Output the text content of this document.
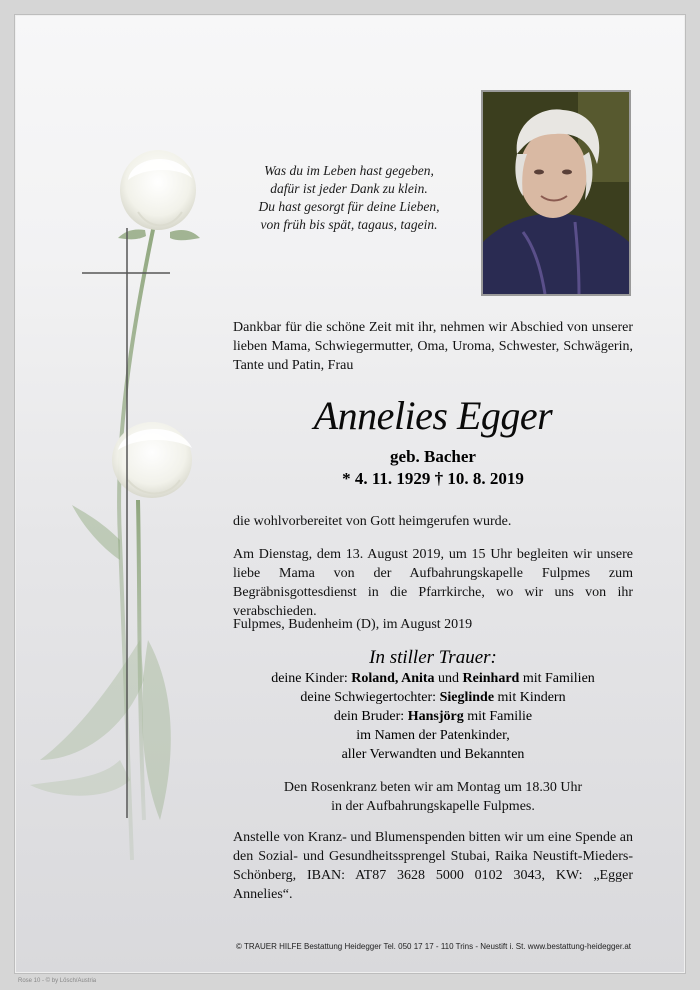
Was du im Leben hast gegeben,

dafür ist jeder Dank zu klein.

Du hast gesorgt für deine Lieben,

von früh bis spät, tagaus, tagein.

Dankbar für die schöne Zeit mit ihr, nehmen wir Abschied von unserer lieben Mama, Schwiegermutter, Oma, Uroma, Schwester, Schwägerin, Tante und Patin, Frau
Annelies Egger
geb. Bacher
* 4. 11. 1929 † 10. 8. 2019
die wohlvorbereitet von Gott heimgerufen wurde.
Am Dienstag, dem 13. August 2019, um 15 Uhr begleiten wir unsere liebe Mama von der Aufbahrungskapelle Fulpmes zum Begräbnisgottesdienst in die Pfarrkirche, wo wir uns von ihr verabschieden.
Fulpmes, Budenheim (D), im August 2019
In stiller Trauer:

deine Kinder: Roland, Anita und Reinhard mit Familien

deine Schwiegertochter: Sieglinde mit Kindern

dein Bruder: Hansjörg mit Familie

im Namen der Patenkinder,

aller Verwandten und Bekannten

Den Rosenkranz beten wir am Montag um 18.30 Uhr
in der Aufbahrungskapelle Fulpmes.
Anstelle von Kranz- und Blumenspenden bitten wir um eine Spende an den Sozial- und Gesundheitssprengel Stubai, Raika Neustift-Mieders-Schönberg, IBAN: AT87 3628 5000 0102 3043, KW: „Egger Annelies“.
© TRAUER HILFE Bestattung Heidegger Tel. 050 17 17 - 110 Trins - Neustift i. St. www.bestattung-heidegger.at
Rose 10 - © by Lösch/Austria
